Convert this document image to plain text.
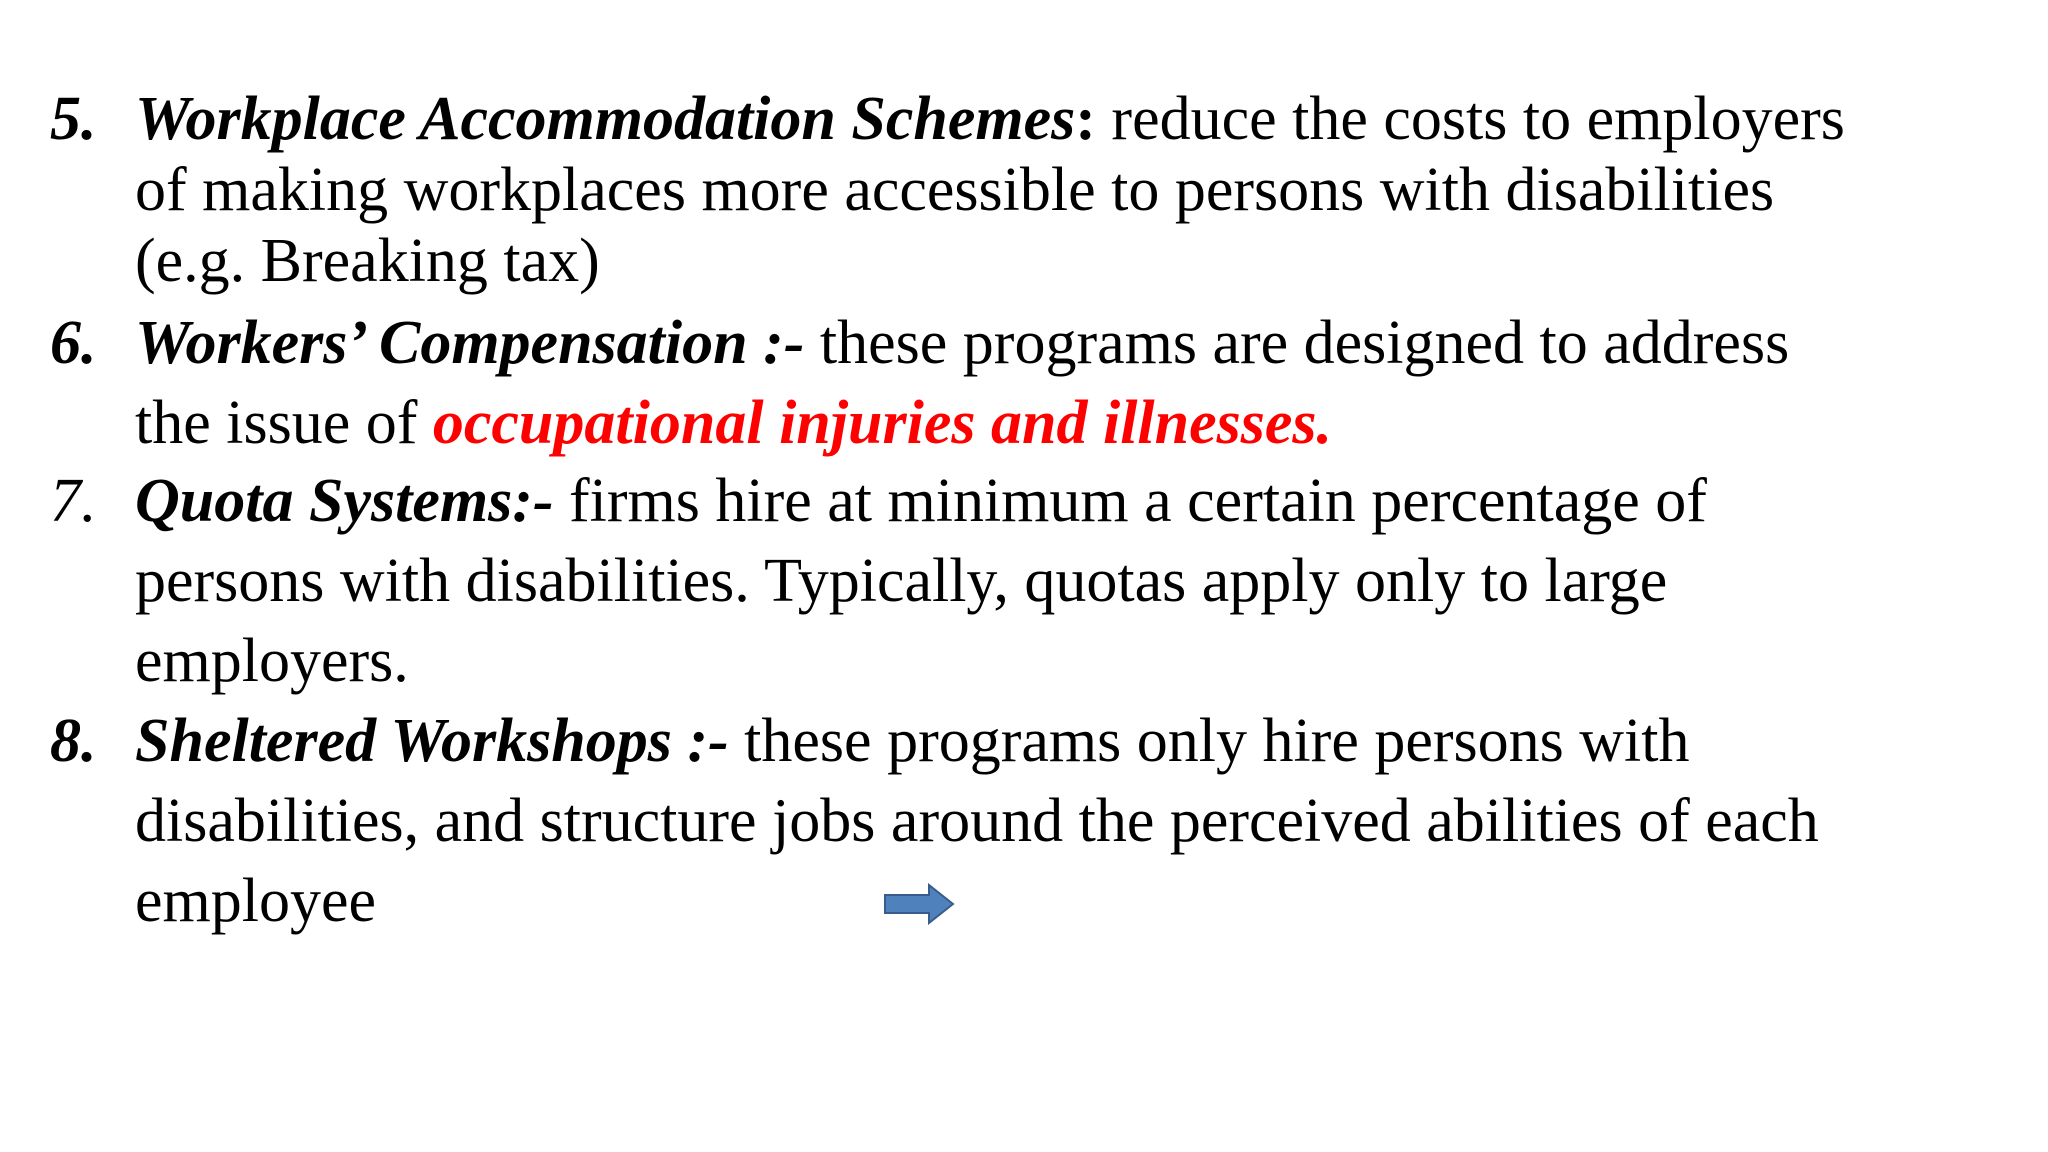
5. Workplace Accommodation Schemes: reduce the costs to employers
of making workplaces more accessible to persons with disabilities
(e.g. Breaking tax)
6. Workers’ Compensation :- these programs are designed to address
the issue of occupational injuries and illnesses.
7. Quota Systems:- firms hire at minimum a certain percentage of
persons with disabilities. Typically, quotas apply only to large
employers.
8. Sheltered Workshops :- these programs only hire persons with
disabilities, and structure jobs around the perceived abilities of each
employee
